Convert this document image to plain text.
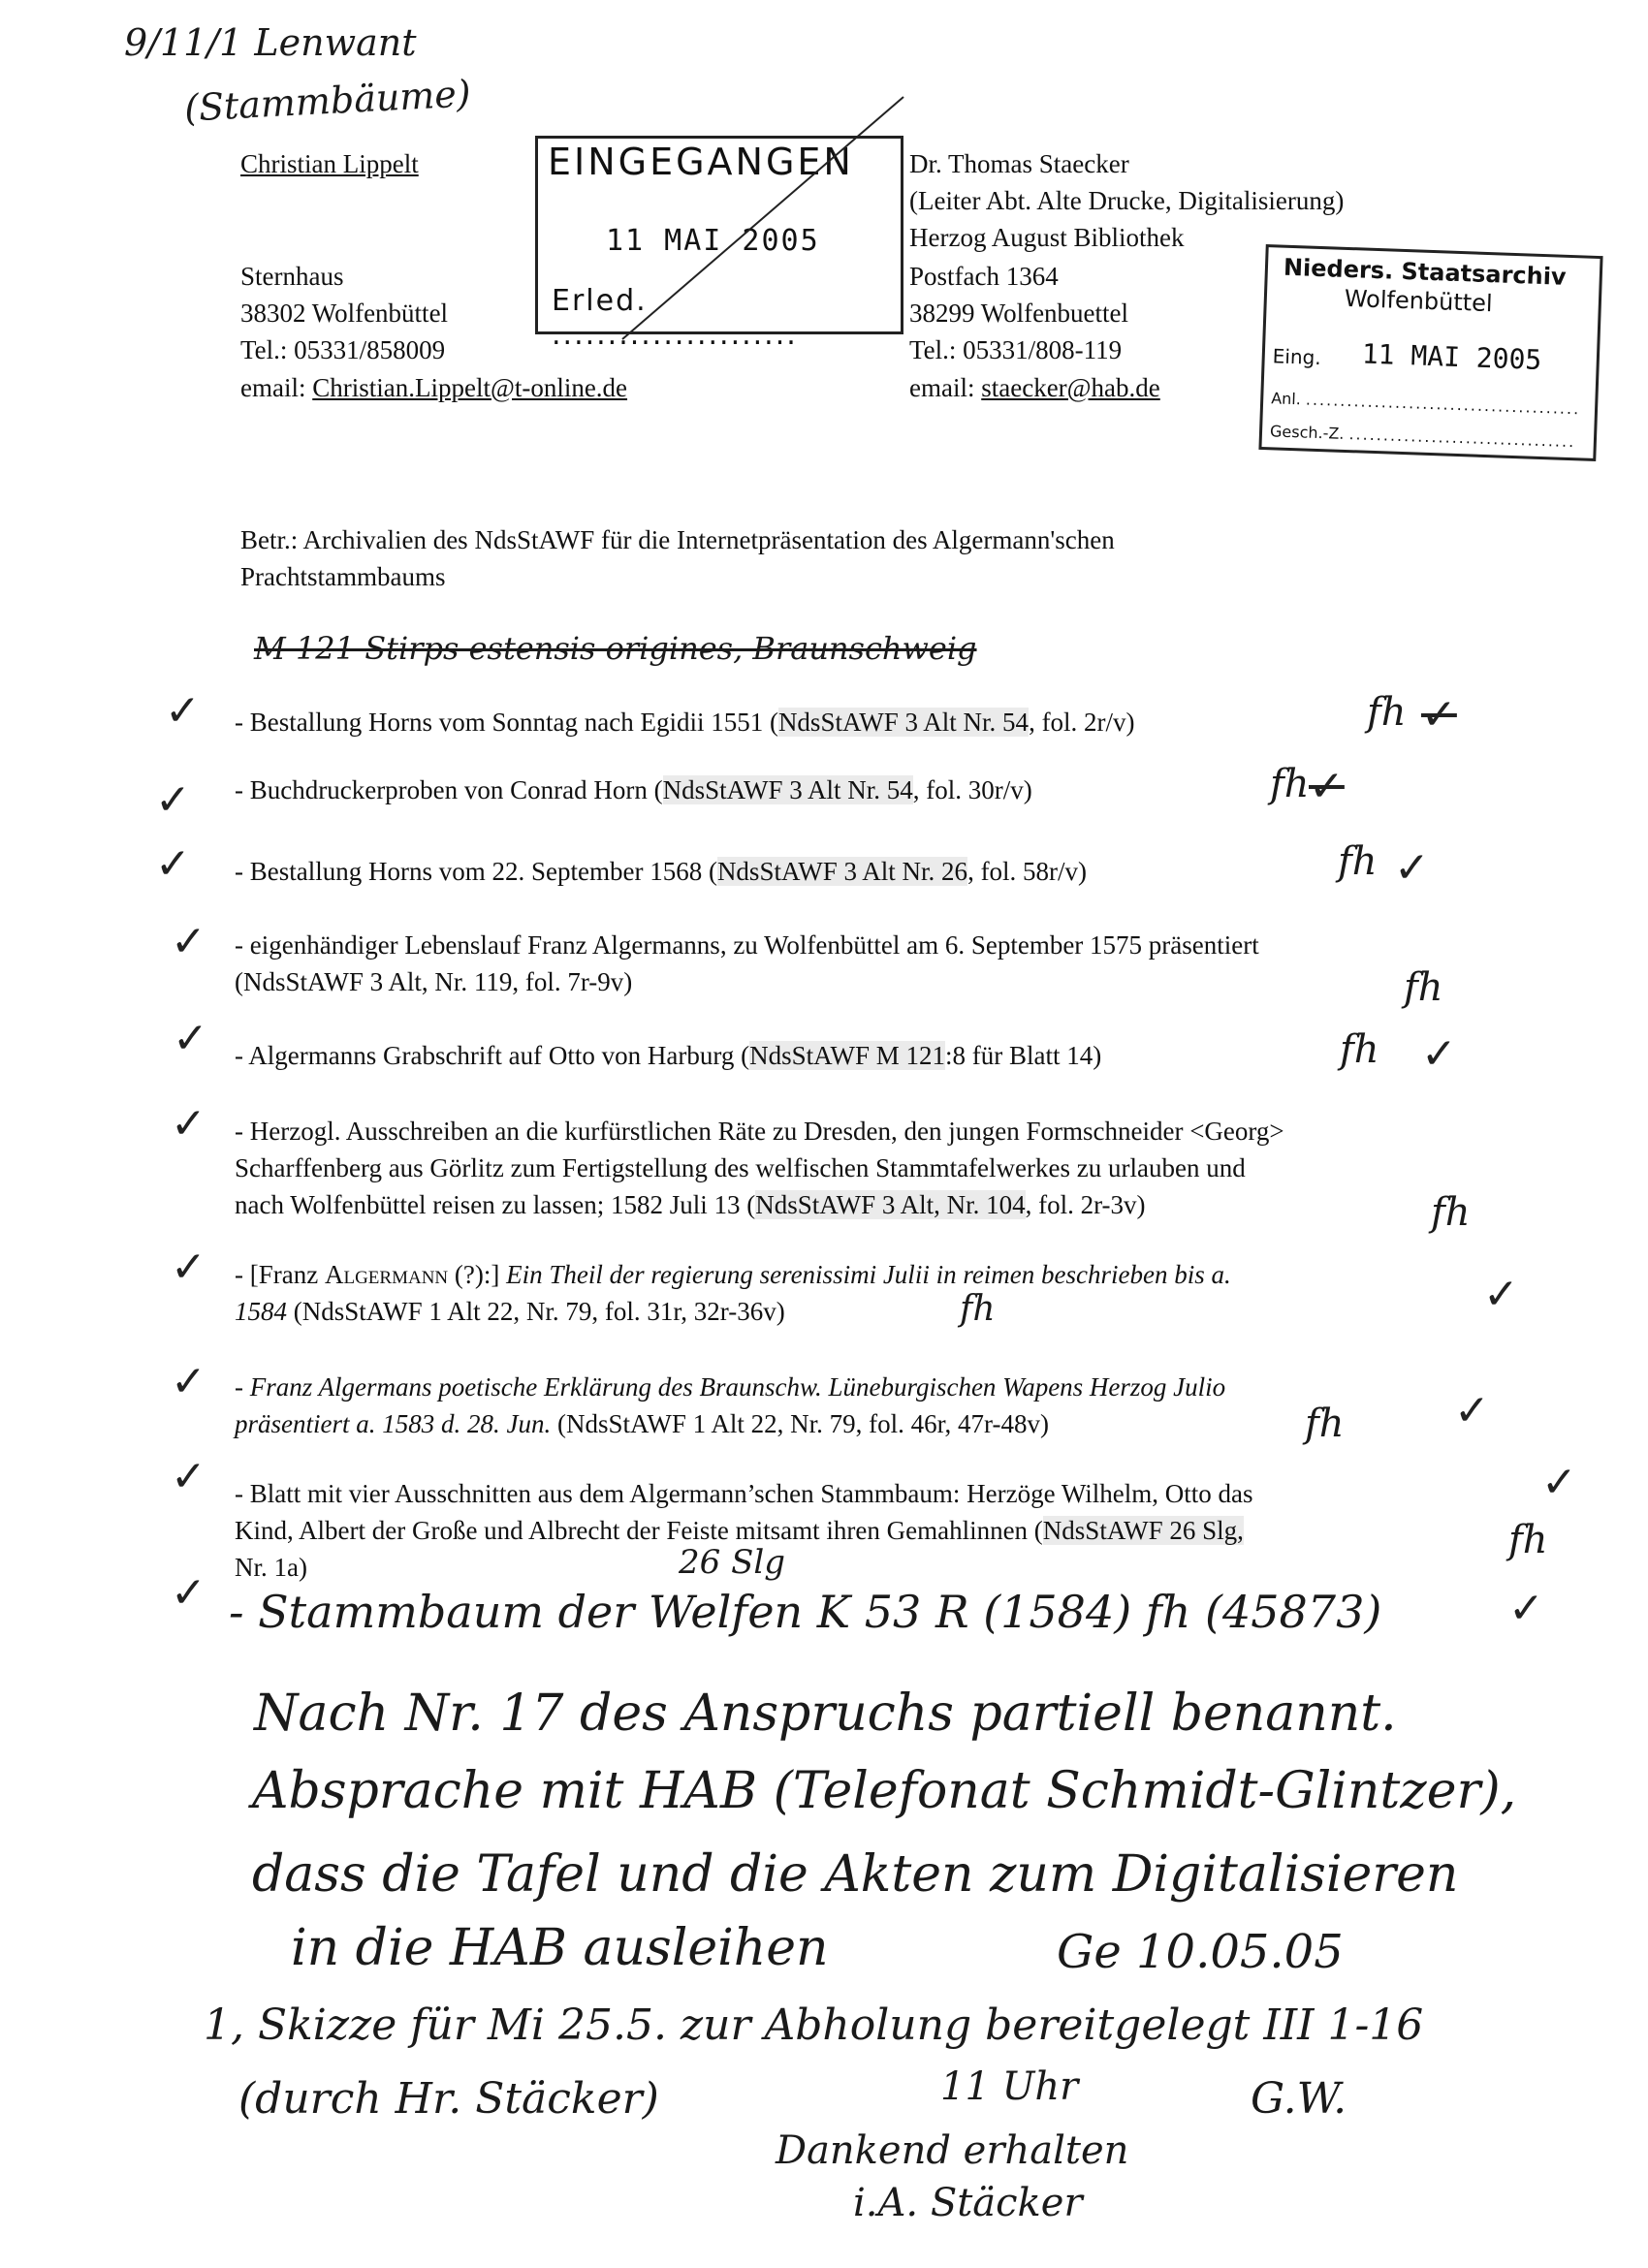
9/11/1 Lenwant
(Stammbäume)
Christian Lippelt
Sternhaus
38302 Wolfenbüttel
Tel.: 05331/858009
email: Christian.Lippelt@t-online.de
EINGEGANGEN
11 MAI 2005
Erled. ......................
Dr. Thomas Staecker
(Leiter Abt. Alte Drucke, Digitalisierung)
Herzog August Bibliothek
Postfach 1364
38299 Wolfenbuettel
Tel.: 05331/808-119
email: staecker@hab.de
Nieders. Staatsarchiv
Wolfenbüttel
Eing. 11 MAI 2005
Anl. ........................................
Gesch.-Z. .................................
Betr.: Archivalien des NdsStAWF für die Internetpräsentation des Algermann'schen
Prachtstammbaums
M 121 Stirps estensis origines, Braunschweig
✓
✓
✓
✓
✓
✓
✓
✓
✓
✓
- Bestallung Horns vom Sonntag nach Egidii 1551 (NdsStAWF 3 Alt Nr. 54, fol. 2r/v)	fh ✓
- Buchdruckerproben von Conrad Horn (NdsStAWF 3 Alt Nr. 54, fol. 30r/v)	fh ✓
- Bestallung Horns vom 22. September 1568 (NdsStAWF 3 Alt Nr. 26, fol. 58r/v)	fh ✓
- eigenhändiger Lebenslauf Franz Algermanns, zu Wolfenbüttel am 6. September 1575 präsentiert
(NdsStAWF 3 Alt, Nr. 119, fol. 7r-9v)	fh
- Algermanns Grabschrift auf Otto von Harburg (NdsStAWF M 121:8 für Blatt 14)	fh ✓
- Herzogl. Ausschreiben an die kurfürstlichen Räte zu Dresden, den jungen Formschneider <Georg>
Scharffenberg aus Görlitz zum Fertigstellung des welfischen Stammtafelwerkes zu urlauben und
nach Wolfenbüttel reisen zu lassen; 1582 Juli 13 (NdsStAWF 3 Alt, Nr. 104, fol. 2r-3v)	fh
- [Franz Algermann (?):] Ein Theil der regierung serenissimi Julii in reimen beschrieben bis a.
1584 (NdsStAWF 1 Alt 22, Nr. 79, fol. 31r, 32r-36v)	fh	✓
- Franz Algermans poetische Erklärung des Braunschw. Lüneburgischen Wapens Herzog Julio
präsentiert a. 1583 d. 28. Jun. (NdsStAWF 1 Alt 22, Nr. 79, fol. 46r, 47r-48v)	fh	✓
- Blatt mit vier Ausschnitten aus dem Algermann’schen Stammbaum: Herzöge Wilhelm, Otto das
Kind, Albert der Große und Albrecht der Feiste mitsamt ihren Gemahlinnen (NdsStAWF 26 Slg,
Nr. 1a)
fh
✓
26 Slg
- Stammbaum der Welfen K 53 R (1584) fh (45873)	✓
Nach Nr. 17 des Anspruchs partiell benannt.
Absprache mit HAB (Telefonat Schmidt-Glintzer),
dass die Tafel und die Akten zum Digitalisieren
in die HAB ausleihen	Ge 10.05.05
1, Skizze für Mi 25.5. zur Abholung bereitgelegt III 1-16
11 Uhr
(durch Hr. Stäcker)	G.W.
Dankend erhalten
i.A. Stäcker
